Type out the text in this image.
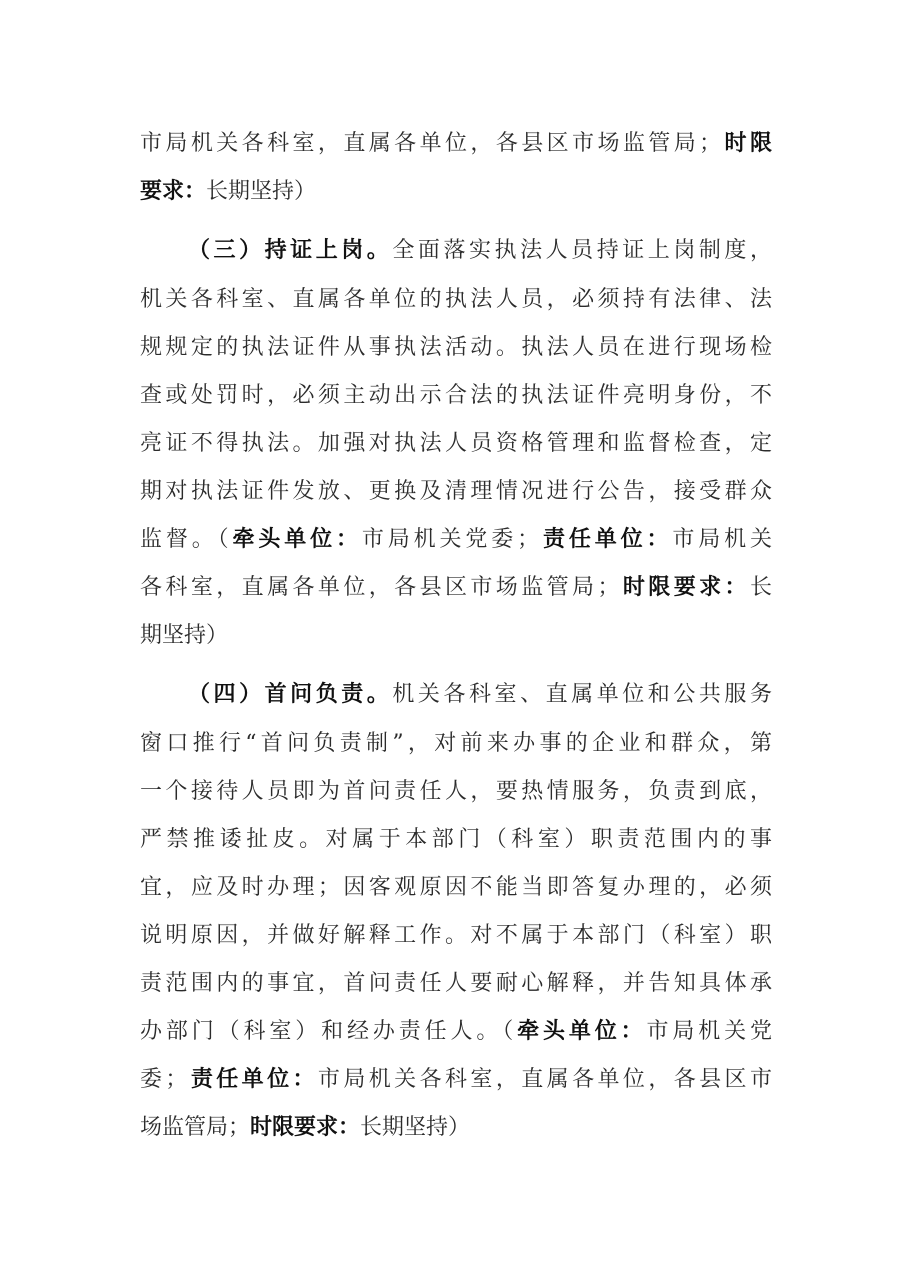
市局机关各科室，直属各单位，各县区市场监管局；时限
要求：长期坚持）
（三）持证上岗。全面落实执法人员持证上岗制度，
机关各科室、直属各单位的执法人员，必须持有法律、法
规规定的执法证件从事执法活动。执法人员在进行现场检
查或处罚时，必须主动出示合法的执法证件亮明身份，不
亮证不得执法。加强对执法人员资格管理和监督检查，定
期对执法证件发放、更换及清理情况进行公告，接受群众
监督。（牵头单位：市局机关党委；责任单位：市局机关
各科室，直属各单位，各县区市场监管局；时限要求：长
期坚持）
（四）首问负责。机关各科室、直属单位和公共服务
窗口推行“首问负责制”，对前来办事的企业和群众，第
一个接待人员即为首问责任人，要热情服务，负责到底，
严禁推诿扯皮。对属于本部门（科室）职责范围内的事
宜，应及时办理；因客观原因不能当即答复办理的，必须
说明原因，并做好解释工作。对不属于本部门（科室）职
责范围内的事宜，首问责任人要耐心解释，并告知具体承
办部门（科室）和经办责任人。（牵头单位：市局机关党
委；责任单位：市局机关各科室，直属各单位，各县区市
场监管局；时限要求：长期坚持）
